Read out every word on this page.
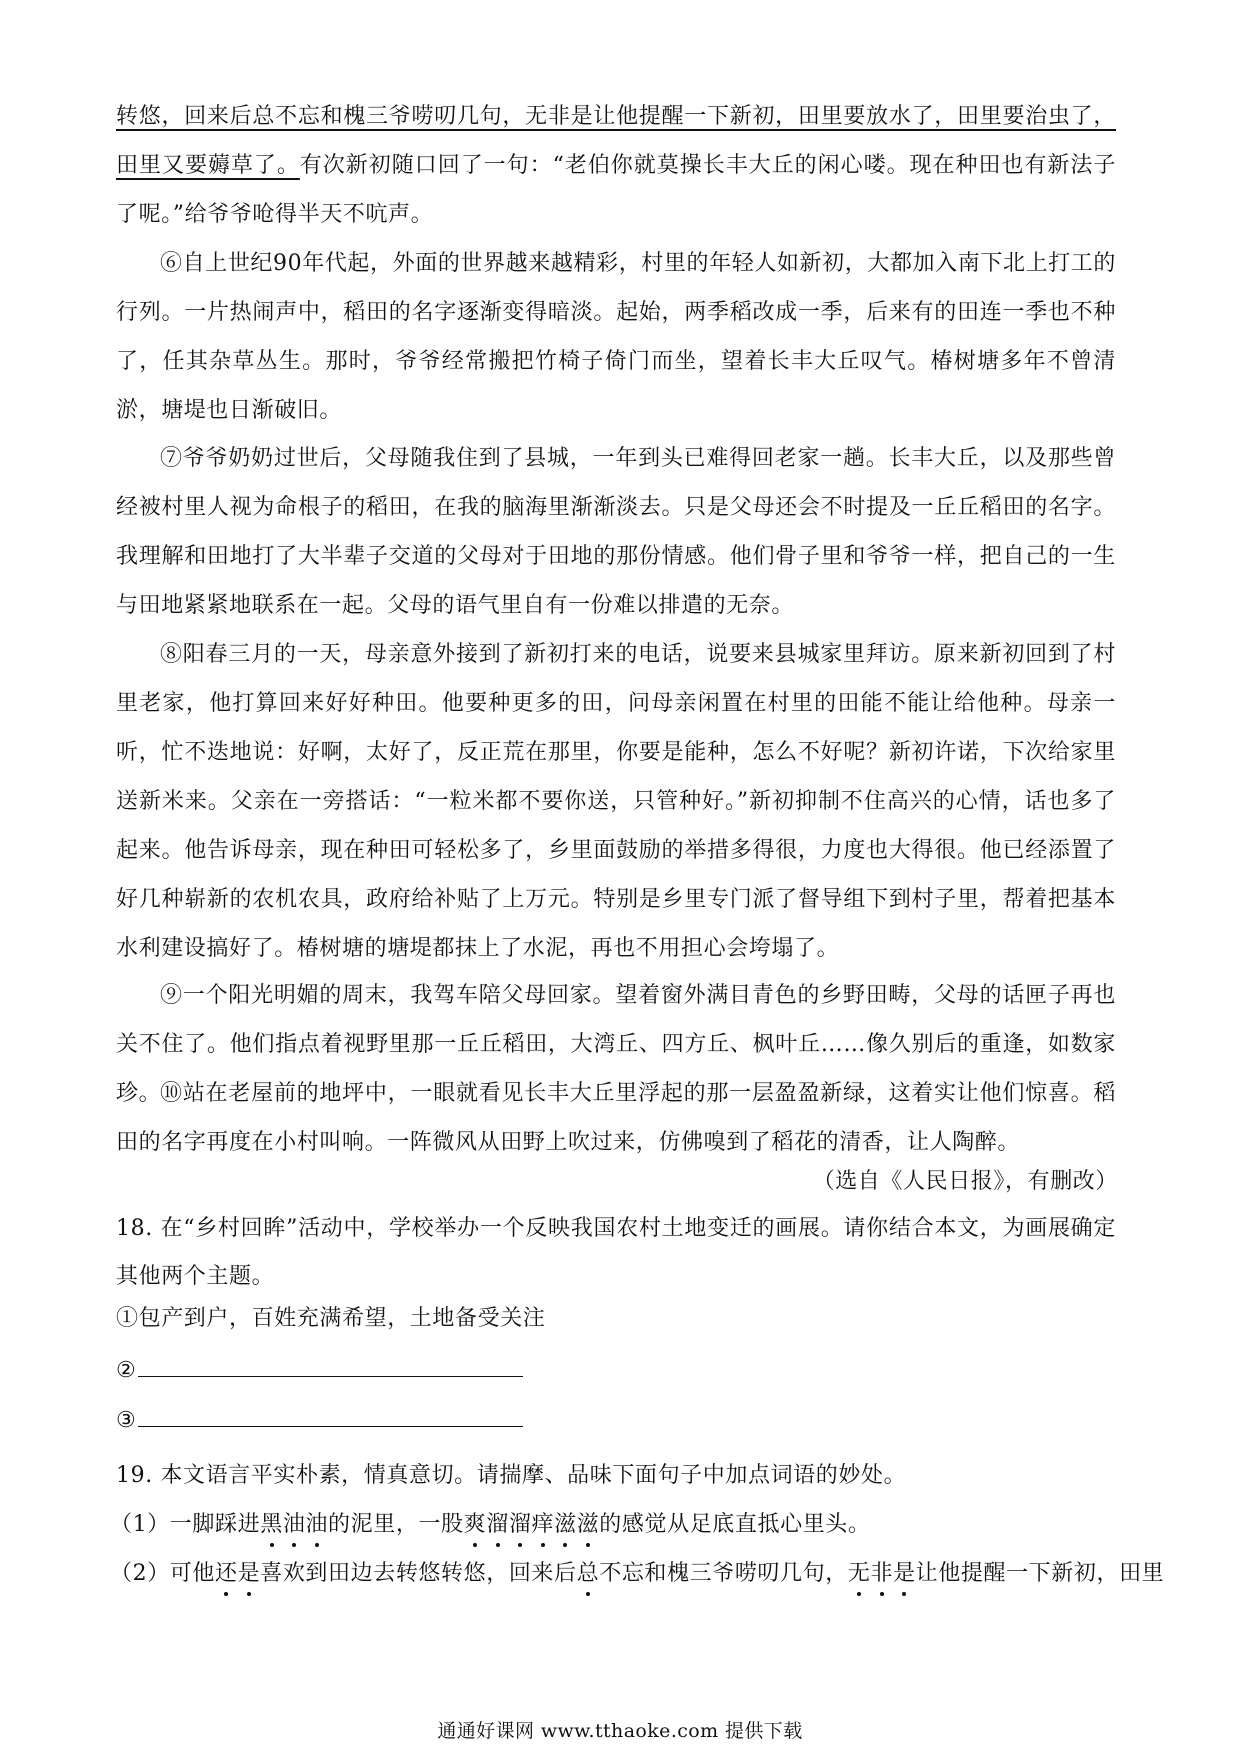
转悠，回来后总不忘和槐三爷唠叨几句，无非是让他提醒一下新初，田里要放水了，田里要治虫了，田里又要薅草了。有次新初随口回了一句：“老伯你就莫操长丰大丘的闲心喽。现在种田也有新法子了呢。”给爷爷呛得半天不吭声。

⑥自上世纪90年代起，外面的世界越来越精彩，村里的年轻人如新初，大都加入南下北上打工的行列。一片热闹声中，稻田的名字逐渐变得暗淡。起始，两季稻改成一季，后来有的田连一季也不种了，任其杂草丛生。那时，爷爷经常搬把竹椅子倚门而坐，望着长丰大丘叹气。椿树塘多年不曾清淤，塘堤也日渐破旧。

⑦爷爷奶奶过世后，父母随我住到了县城，一年到头已难得回老家一趟。长丰大丘，以及那些曾经被村里人视为命根子的稻田，在我的脑海里渐渐淡去。只是父母还会不时提及一丘丘稻田的名字。我理解和田地打了大半辈子交道的父母对于田地的那份情感。他们骨子里和爷爷一样，把自己的一生与田地紧紧地联系在一起。父母的语气里自有一份难以排遣的无奈。

⑧阳春三月的一天，母亲意外接到了新初打来的电话，说要来县城家里拜访。原来新初回到了村里老家，他打算回来好好种田。他要种更多的田，问母亲闲置在村里的田能不能让给他种。母亲一听，忙不迭地说：好啊，太好了，反正荒在那里，你要是能种，怎么不好呢？新初许诺，下次给家里送新米来。父亲在一旁搭话：“一粒米都不要你送，只管种好。”新初抑制不住高兴的心情，话也多了起来。他告诉母亲，现在种田可轻松多了，乡里面鼓励的举措多得很，力度也大得很。他已经添置了好几种崭新的农机农具，政府给补贴了上万元。特别是乡里专门派了督导组下到村子里，帮着把基本水利建设搞好了。椿树塘的塘堤都抹上了水泥，再也不用担心会垮塌了。

⑨一个阳光明媚的周末，我驾车陪父母回家。望着窗外满目青色的乡野田畴，父母的话匣子再也关不住了。他们指点着视野里那一丘丘稻田，大湾丘、四方丘、枫叶丘……像久别后的重逢，如数家珍。

⑩站在老屋前的地坪中，一眼就看见长丰大丘里浮起的那一层盈盈新绿，这着实让他们惊喜。稻田的名字再度在小村叫响。一阵微风从田野上吹过来，仿佛嗅到了稻花的清香，让人陶醉。

（选自《人民日报》，有删改）

18. 在“乡村回眸”活动中，学校举办一个反映我国农村土地变迁的画展。请你结合本文，为画展确定其他两个主题。

①包产到户，百姓充满希望，土地备受关注
②
③
19. 本文语言平实朴素，情真意切。请揣摩、品味下面句子中加点词语的妙处。
（1）一脚踩进黑油油的泥里，一股爽溜溜痒滋滋的感觉从足底直抵心里头。
（2）可他还是喜欢到田边去转悠转悠，回来后总不忘和槐三爷唠叨几句，无非是让他提醒一下新初，田里
通通好课网 www.tthaoke.com 提供下载
